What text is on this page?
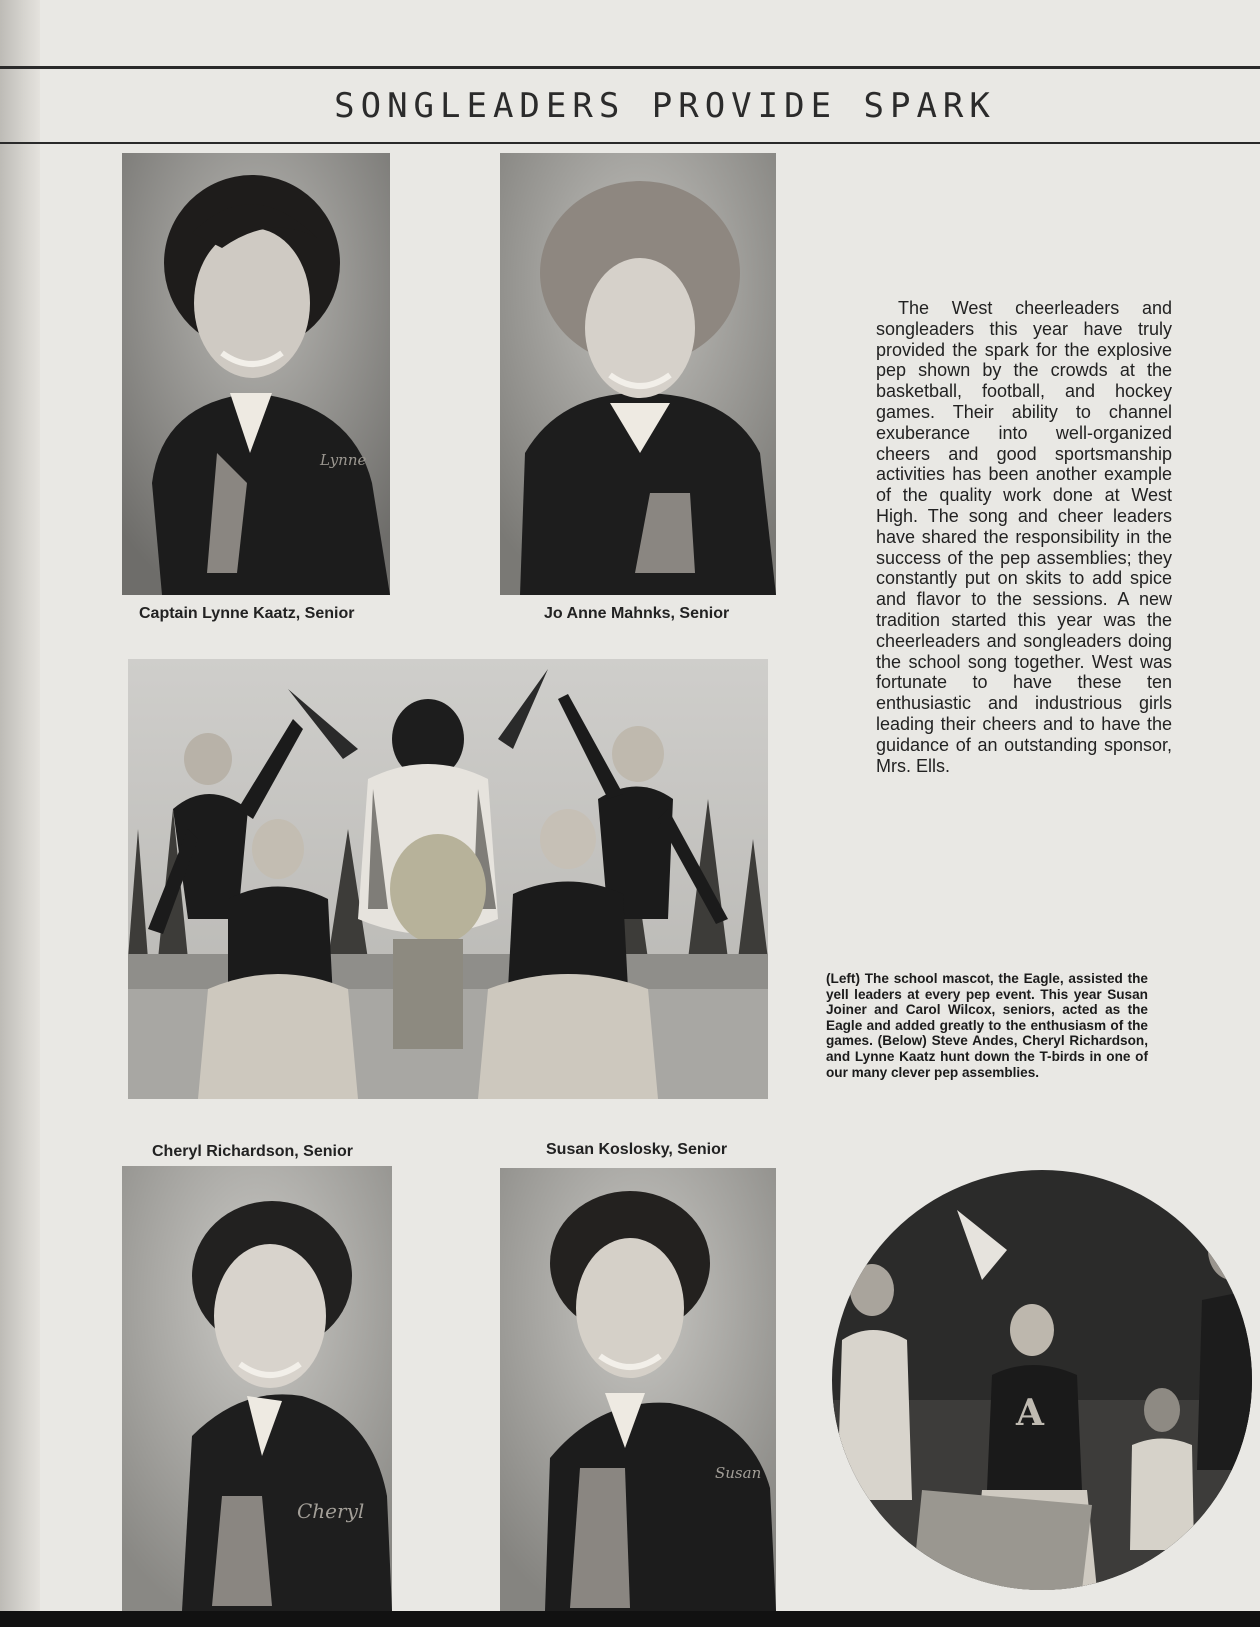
SONGLEADERS PROVIDE SPARK
Lynne
Captain Lynne Kaatz, Senior	Jo Anne Mahnks, Senior
The West cheerleaders and songleaders this year have truly provided the spark for the explosive pep shown by the crowds at the basketball, football, and hockey games. Their ability to channel exuberance into well-organized cheers and good sportsmanship activities has been another example of the quality work done at West High. The song and cheer leaders have shared the responsibility in the success of the pep assemblies; they constantly put on skits to add spice and flavor to the sessions. A new tradition started this year was the cheerleaders and songleaders doing the school song together. West was fortunate to have these ten enthusiastic and industrious girls leading their cheers and to have the guidance of an outstanding sponsor, Mrs. Ells.
(Left) The school mascot, the Eagle, assisted the yell leaders at every pep event. This year Susan Joiner and Carol Wilcox, seniors, acted as the Eagle and added greatly to the enthusiasm of the games. (Below) Steve Andes, Cheryl Richardson, and Lynne Kaatz hunt down the T-birds in one of our many clever pep assemblies.
Cheryl Richardson, Senior	Susan Koslosky, Senior
Cheryl
Susan
A
